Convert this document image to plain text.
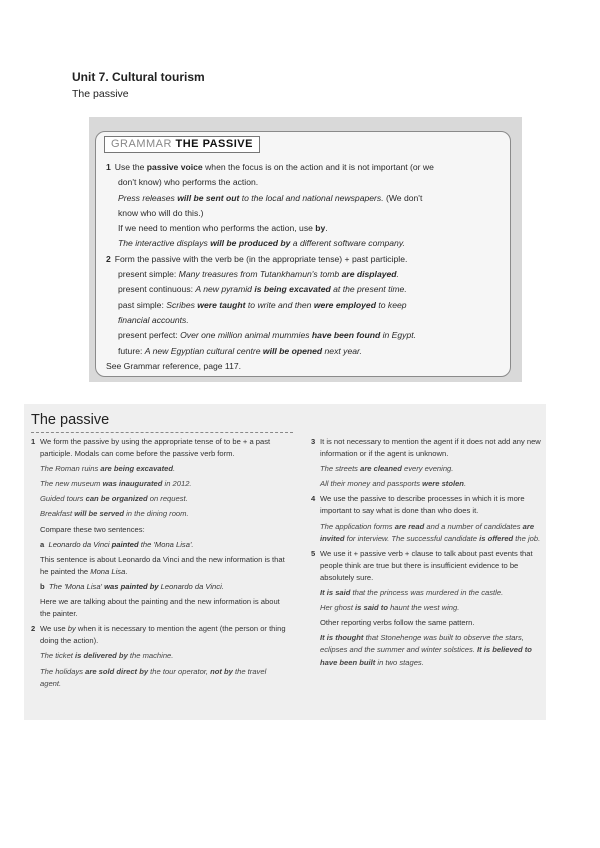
Unit 7. Cultural tourism
The passive
GRAMMAR THE PASSIVE

1 Use the passive voice when the focus is on the action and it is not important (or we

don't know) who performs the action.

Press releases will be sent out to the local and national newspapers. (We don't

know who will do this.)

If we need to mention who performs the action, use by.

The interactive displays will be produced by a different software company.

2 Form the passive with the verb be (in the appropriate tense) + past participle.

present simple: Many treasures from Tutankhamun's tomb are displayed.

present continuous: A new pyramid is being excavated at the present time.

past simple: Scribes were taught to write and then were employed to keep

financial accounts.

present perfect: Over one million animal mummies have been found in Egypt.

future: A new Egyptian cultural centre will be opened next year.

See Grammar reference, page 117.

The passive

1 We form the passive by using the appropriate tense of to be + a past participle. Modals can come before the passive verb form.

The Roman ruins are being excavated.

The new museum was inaugurated in 2012.

Guided tours can be organized on request.

Breakfast will be served in the dining room.

Compare these two sentences:

a Leonardo da Vinci painted the 'Mona Lisa'.

This sentence is about Leonardo da Vinci and the new information is that he painted the Mona Lisa.

b The 'Mona Lisa' was painted by Leonardo da Vinci.

Here we are talking about the painting and the new information is about the painter.

2 We use by when it is necessary to mention the agent (the person or thing doing the action).

The ticket is delivered by the machine.

The holidays are sold direct by the tour operator, not by the travel agent.

3 It is not necessary to mention the agent if it does not add any new information or if the agent is unknown.

The streets are cleaned every evening.

All their money and passports were stolen.

4 We use the passive to describe processes in which it is more important to say what is done than who does it.

The application forms are read and a number of candidates are invited for interview. The successful candidate is offered the job.

5 We use it + passive verb + clause to talk about past events that people think are true but there is insufficient evidence to be absolutely sure.

It is said that the princess was murdered in the castle.

Her ghost is said to haunt the west wing.

Other reporting verbs follow the same pattern.

It is thought that Stonehenge was built to observe the stars, eclipses and the summer and winter solstices. It is believed to have been built in two stages.
